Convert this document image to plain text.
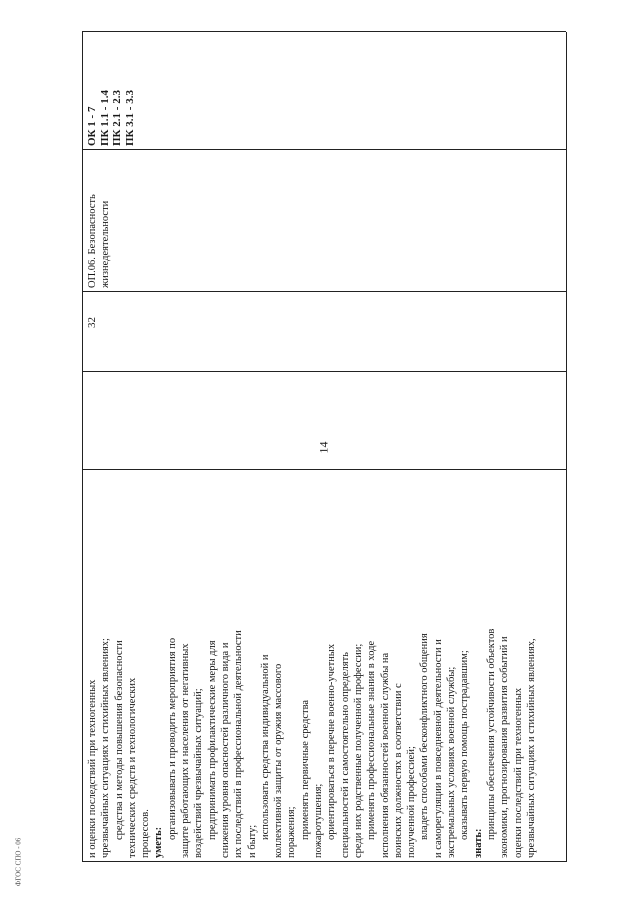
14
ФГОС СПО - 06
и оценки последствий при техногенных чрезвычайных ситуациях и стихийных явлениях; средства и методы повышения безопасности технических средств и технологических процессов. уметь:
организовывать и проводить мероприятия по защите работающих и населения от негативных воздействий чрезвычайных ситуаций; предпринимать профилактические меры для снижения уровня опасностей различного вида и их последствий в профессиональной деятельности и быту;
использовать средства индивидуальной и коллективной защиты от оружия массового поражения; применять первичные средства пожаротушения; ориентироваться в перечне военно-учетных специальностей и самостоятельно определять среди них родственные полученной профессии; применять профессиональные знания в ходе исполнения обязанностей военной службы на воинских должностях в соответствии с полученной профессией; владеть способами бесконфликтного общения и саморегуляции в повседневной деятельности и экстремальных условиях военной службы; оказывать первую помощь пострадавшим;
знать:
принципы обеспечения устойчивости объектов экономики, прогнозирования развития событий и оценки последствий при техногенных чрезвычайных ситуациях и стихийных явлениях,
32
ОП.06. Безопасность жизнедеятельности
ОК 1 - 7 ПК 1.1 - 1.4 ПК 2.1 - 2.3 ПК 3.1 - 3.3
